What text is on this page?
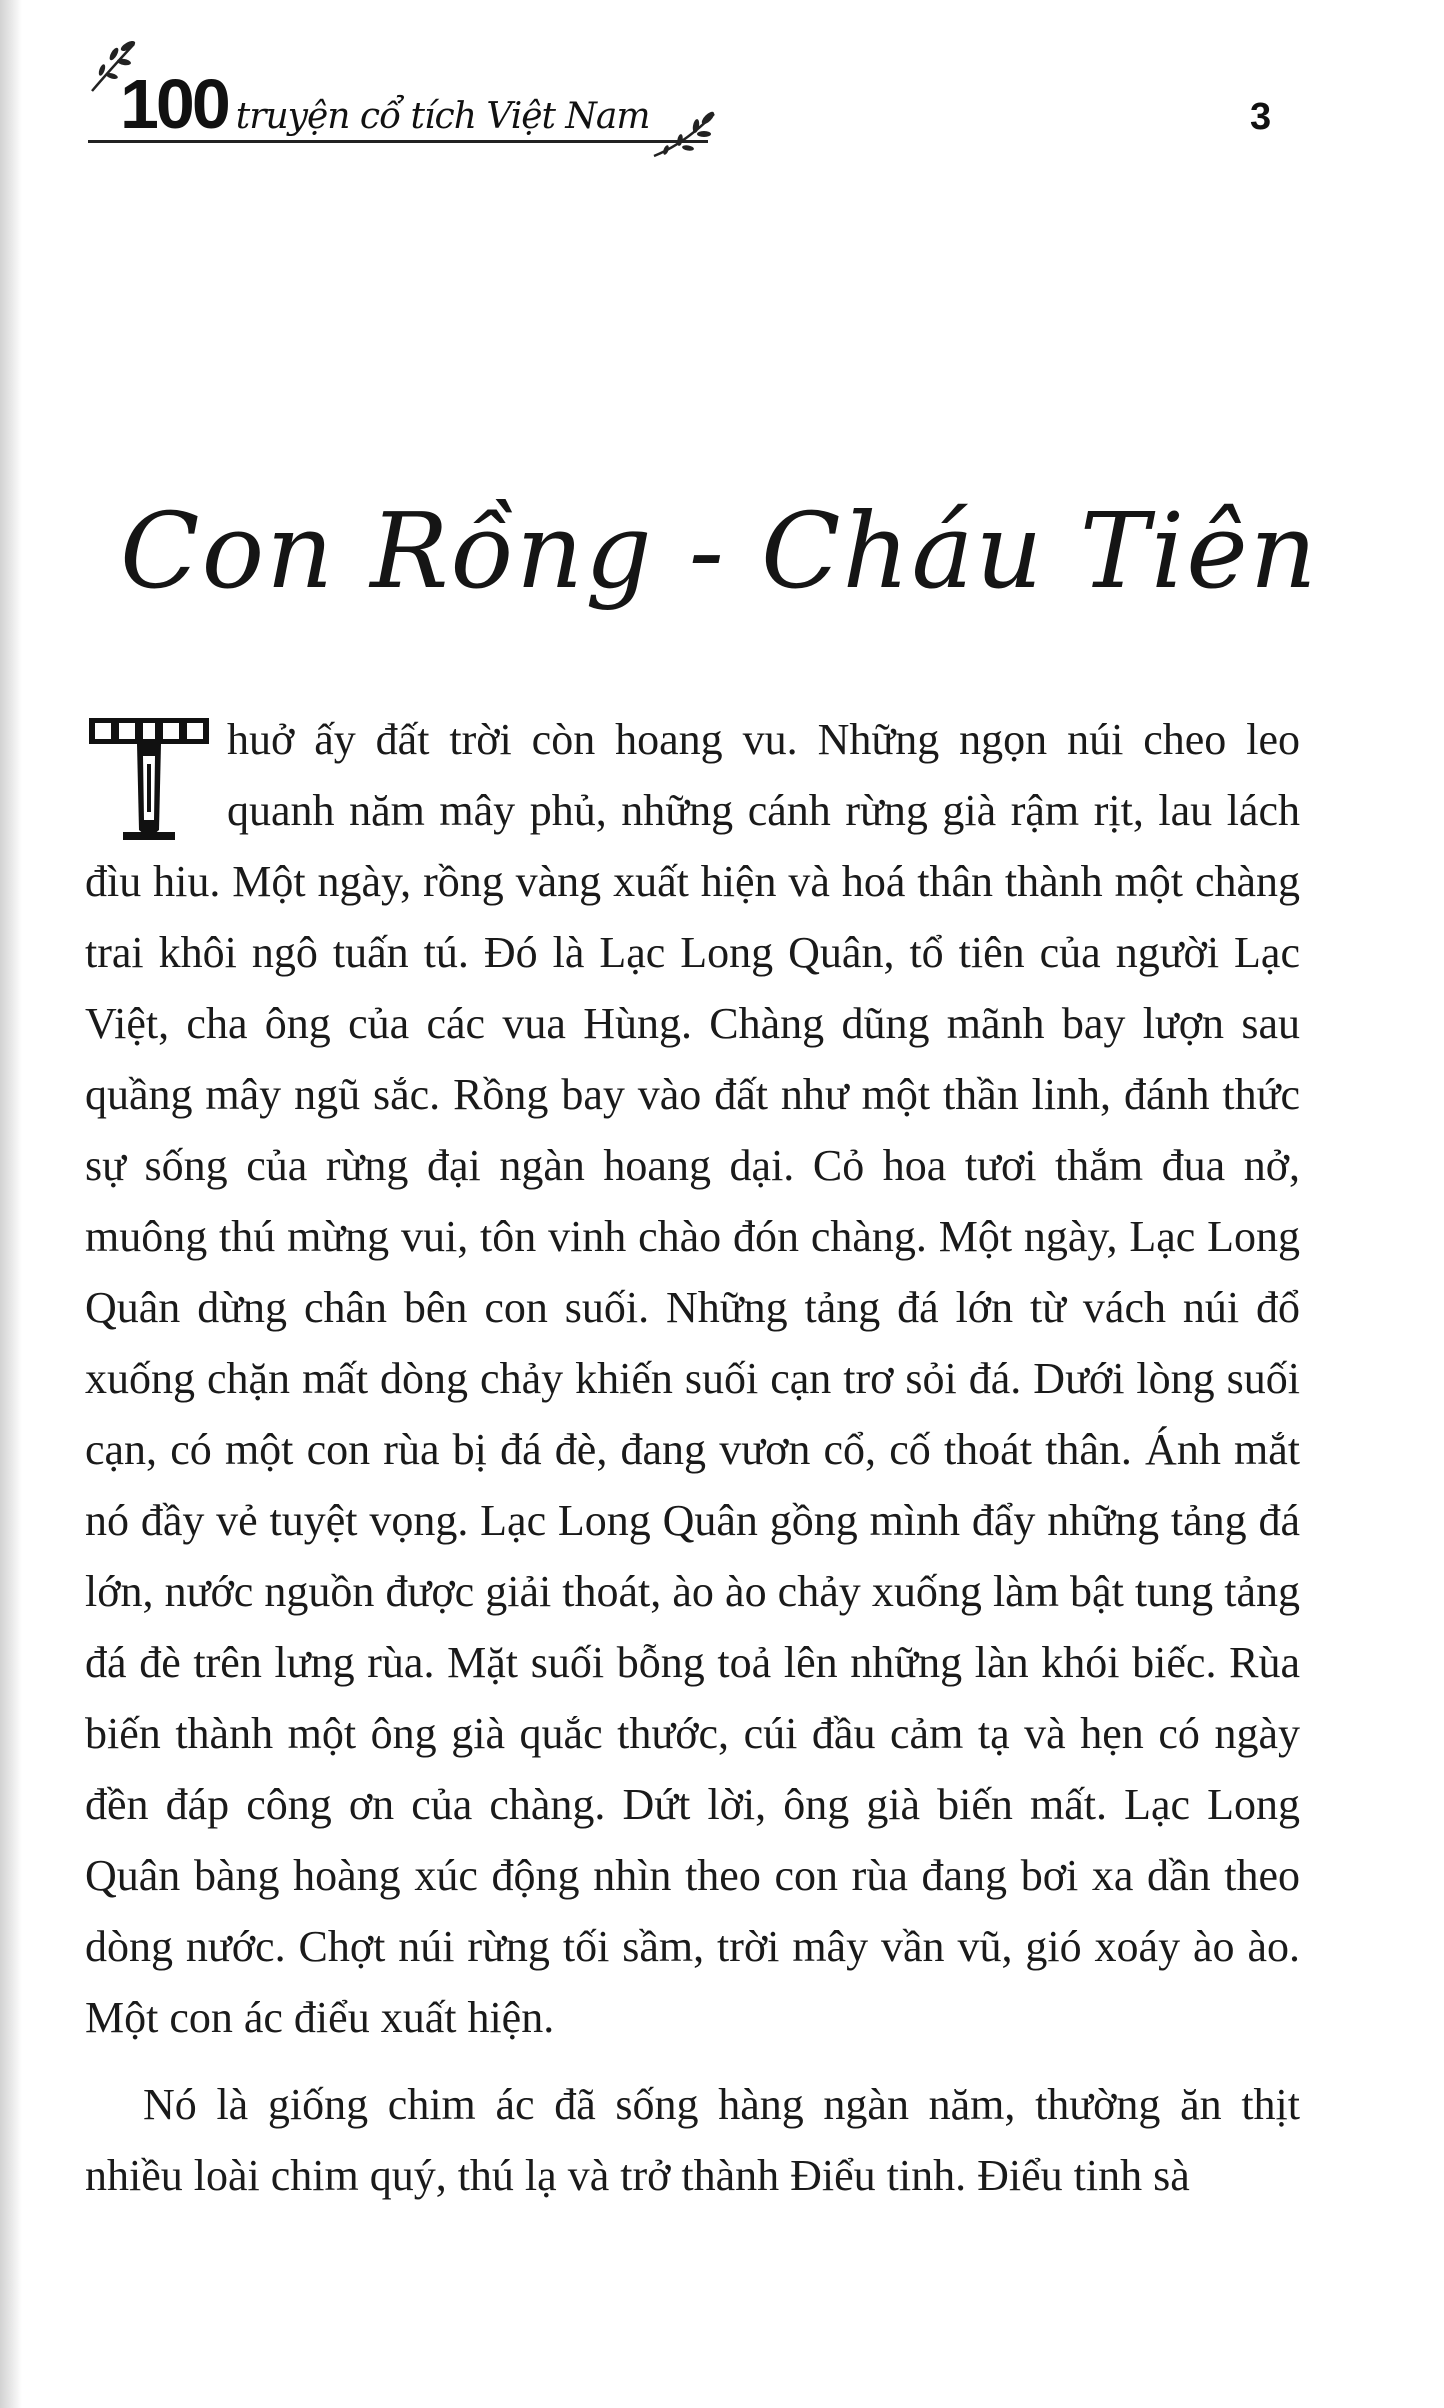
100 truyện cổ tích Việt Nam	3
Con Rồng - Cháu Tiên

huở ấy đất trời còn hoang vu. Những ngọn núi cheo leo quanh năm mây phủ, những cánh rừng già rậm rịt, lau lách đìu hiu. Một ngày, rồng vàng xuất hiện và hoá thân thành một chàng trai khôi ngô tuấn tú. Đó là Lạc Long Quân, tổ tiên của người Lạc Việt, cha ông của các vua Hùng. Chàng dũng mãnh bay lượn sau quầng mây ngũ sắc. Rồng bay vào đất như một thần linh, đánh thức sự sống của rừng đại ngàn hoang dại. Cỏ hoa tươi thắm đua nở, muông thú mừng vui, tôn vinh chào đón chàng. Một ngày, Lạc Long Quân dừng chân bên con suối. Những tảng đá lớn từ vách núi đổ xuống chặn mất dòng chảy khiến suối cạn trơ sỏi đá. Dưới lòng suối cạn, có một con rùa bị đá đè, đang vươn cổ, cố thoát thân. Ánh mắt nó đầy vẻ tuyệt vọng. Lạc Long Quân gồng mình đẩy những tảng đá lớn, nước nguồn được giải thoát, ào ào chảy xuống làm bật tung tảng đá đè trên lưng rùa. Mặt suối bỗng toả lên những làn khói biếc. Rùa biến thành một ông già quắc thước, cúi đầu cảm tạ và hẹn có ngày đền đáp công ơn của chàng. Dứt lời, ông già biến mất. Lạc Long Quân bàng hoàng xúc động nhìn theo con rùa đang bơi xa dần theo dòng nước. Chợt núi rừng tối sầm, trời mây vần vũ, gió xoáy ào ào. Một con ác điểu xuất hiện.

Nó là giống chim ác đã sống hàng ngàn năm, thường ăn thịt nhiều loài chim quý, thú lạ và trở thành Điểu tinh. Điểu tinh sà
